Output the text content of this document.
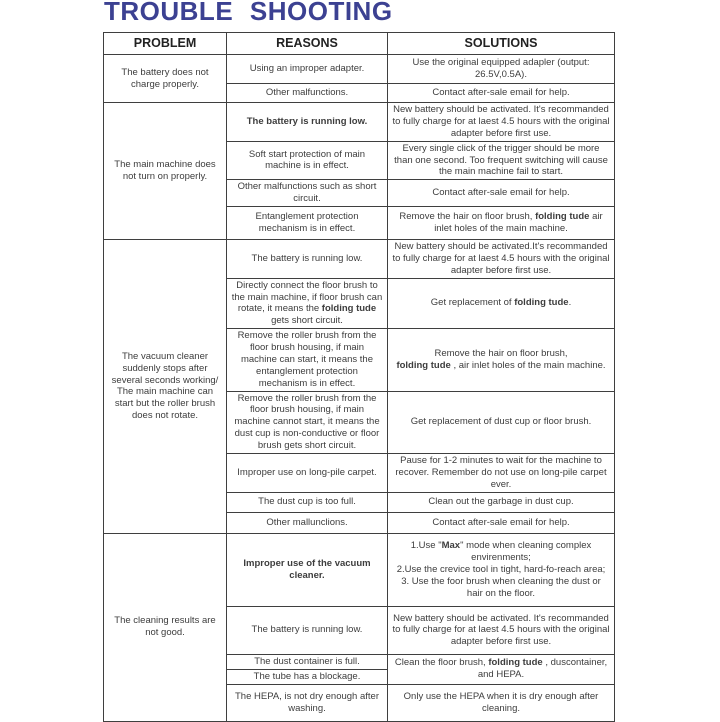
TROUBLE SHOOTING
PROBLEM	REASONS	SOLUTIONS
The battery does not charge properly.	Using an improper adapter.	Use the original equipped adapler (output: 26.5V,0.5A).
	Other malfunctions.	Contact after-sale email for help.
The main machine does not turn on properly.	The battery is running low.	New battery should be activated. It's recommanded to fully charge for at laest 4.5 hours with the original adapter before first use.
	Soft start protection of main machine is in effect.	Every single click of the trigger should be more than one second. Too frequent switching will cause the main machine fail to start.
	Other malfunctions such as short circuit.	Contact after-sale email for help.
	Entanglement protection mechanism is in effect.	Remove the hair on floor brush, folding tude air inlet holes of the main machine.
The vacuum cleaner suddenly stops after several seconds working/ The main machine can start but the roller brush does not rotate.	The battery is running low.	New battery should be activated.It's recommanded to fully charge for at laest 4.5 hours with the original adapter before first use.
	Directly connect the floor brush to the main machine, if floor brush can rotate, it means the folding tude gets short circuit.	Get replacement of folding tude.
	Remove the roller brush from the floor brush housing, if main machine can start, it means the entanglement protection mechanism is in effect.	Remove the hair on floor brush,
folding tude , air inlet holes of the main machine.
	Remove the roller brush from the floor brush housing, if main machine cannot start, it means the dust cup is non-conductive or floor brush gets short circuit.	Get replacement of dust cup or floor brush.
	Improper use on long-pile carpet.	Pause for 1-2 minutes to wait for the machine to recover. Remember do not use on long-pile carpet ever.
	The dust cup is too full.	Clean out the garbage in dust cup.
	Other mallunclions.	Contact after-sale email for help.
The cleaning results are not good.	Improper use of the vacuum cleaner.	1.Use "Max" mode when cleaning complex envirenments;
2.Use the crevice tool in tight, hard-fo-reach area;
3. Use the foor brush when cleaning the dust or hair on the floor.

	The battery is running low.	New battery should be activated. It's recommanded to fully charge for at laest 4.5 hours with the original adapter before first use.
	The dust container is full.	Clean the floor brush, folding tude , duscontainer, and HEPA.
	The tube has a blockage.	
	The HEPA, is not dry enough after washing.	Only use the HEPA when it is dry enough after cleaning.
